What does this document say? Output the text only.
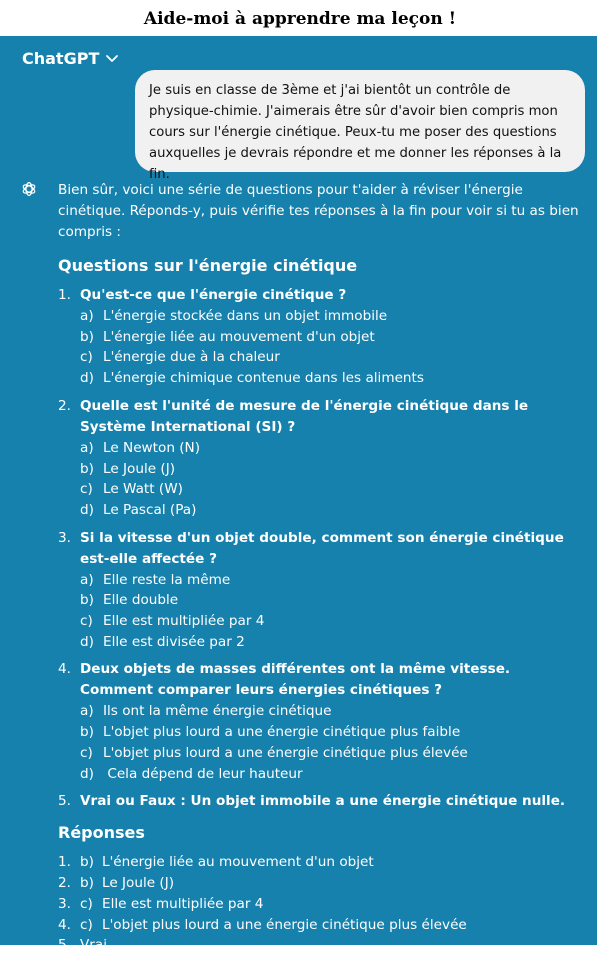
Aide-moi à apprendre ma leçon !
ChatGPT
Je suis en classe de 3ème et j'ai bientôt un contrôle de physique-chimie. J'aimerais être sûr d'avoir bien compris mon cours sur l'énergie cinétique. Peux-tu me poser des questions auxquelles je devrais répondre et me donner les réponses à la fin.

Bien sûr, voici une série de questions pour t'aider à réviser l'énergie cinétique. Réponds-y, puis vérifie tes réponses à la fin pour voir si tu as bien compris :

Questions sur l'énergie cinétique
1. Qu'est-ce que l'énergie cinétique ?
a) L'énergie stockée dans un objet immobile
b) L'énergie liée au mouvement d'un objet
c) L'énergie due à la chaleur
d) L'énergie chimique contenue dans les aliments
2. Quelle est l'unité de mesure de l'énergie cinétique dans le Système International (SI) ?
a) Le Newton (N)
b) Le Joule (J)
c) Le Watt (W)
d) Le Pascal (Pa)
3. Si la vitesse d'un objet double, comment son énergie cinétique est-elle affectée ?
a) Elle reste la même
b) Elle double
c) Elle est multipliée par 4
d) Elle est divisée par 2
4. Deux objets de masses différentes ont la même vitesse. Comment comparer leurs énergies cinétiques ?
a) Ils ont la même énergie cinétique
b) L'objet plus lourd a une énergie cinétique plus faible
c) L'objet plus lourd a une énergie cinétique plus élevée
d) Cela dépend de leur hauteur
5. Vrai ou Faux : Un objet immobile a une énergie cinétique nulle.
Réponses
1. b) L'énergie liée au mouvement d'un objet
2. b) Le Joule (J)
3. c) Elle est multipliée par 4
4. c) L'objet plus lourd a une énergie cinétique plus élevée
5. Vrai
